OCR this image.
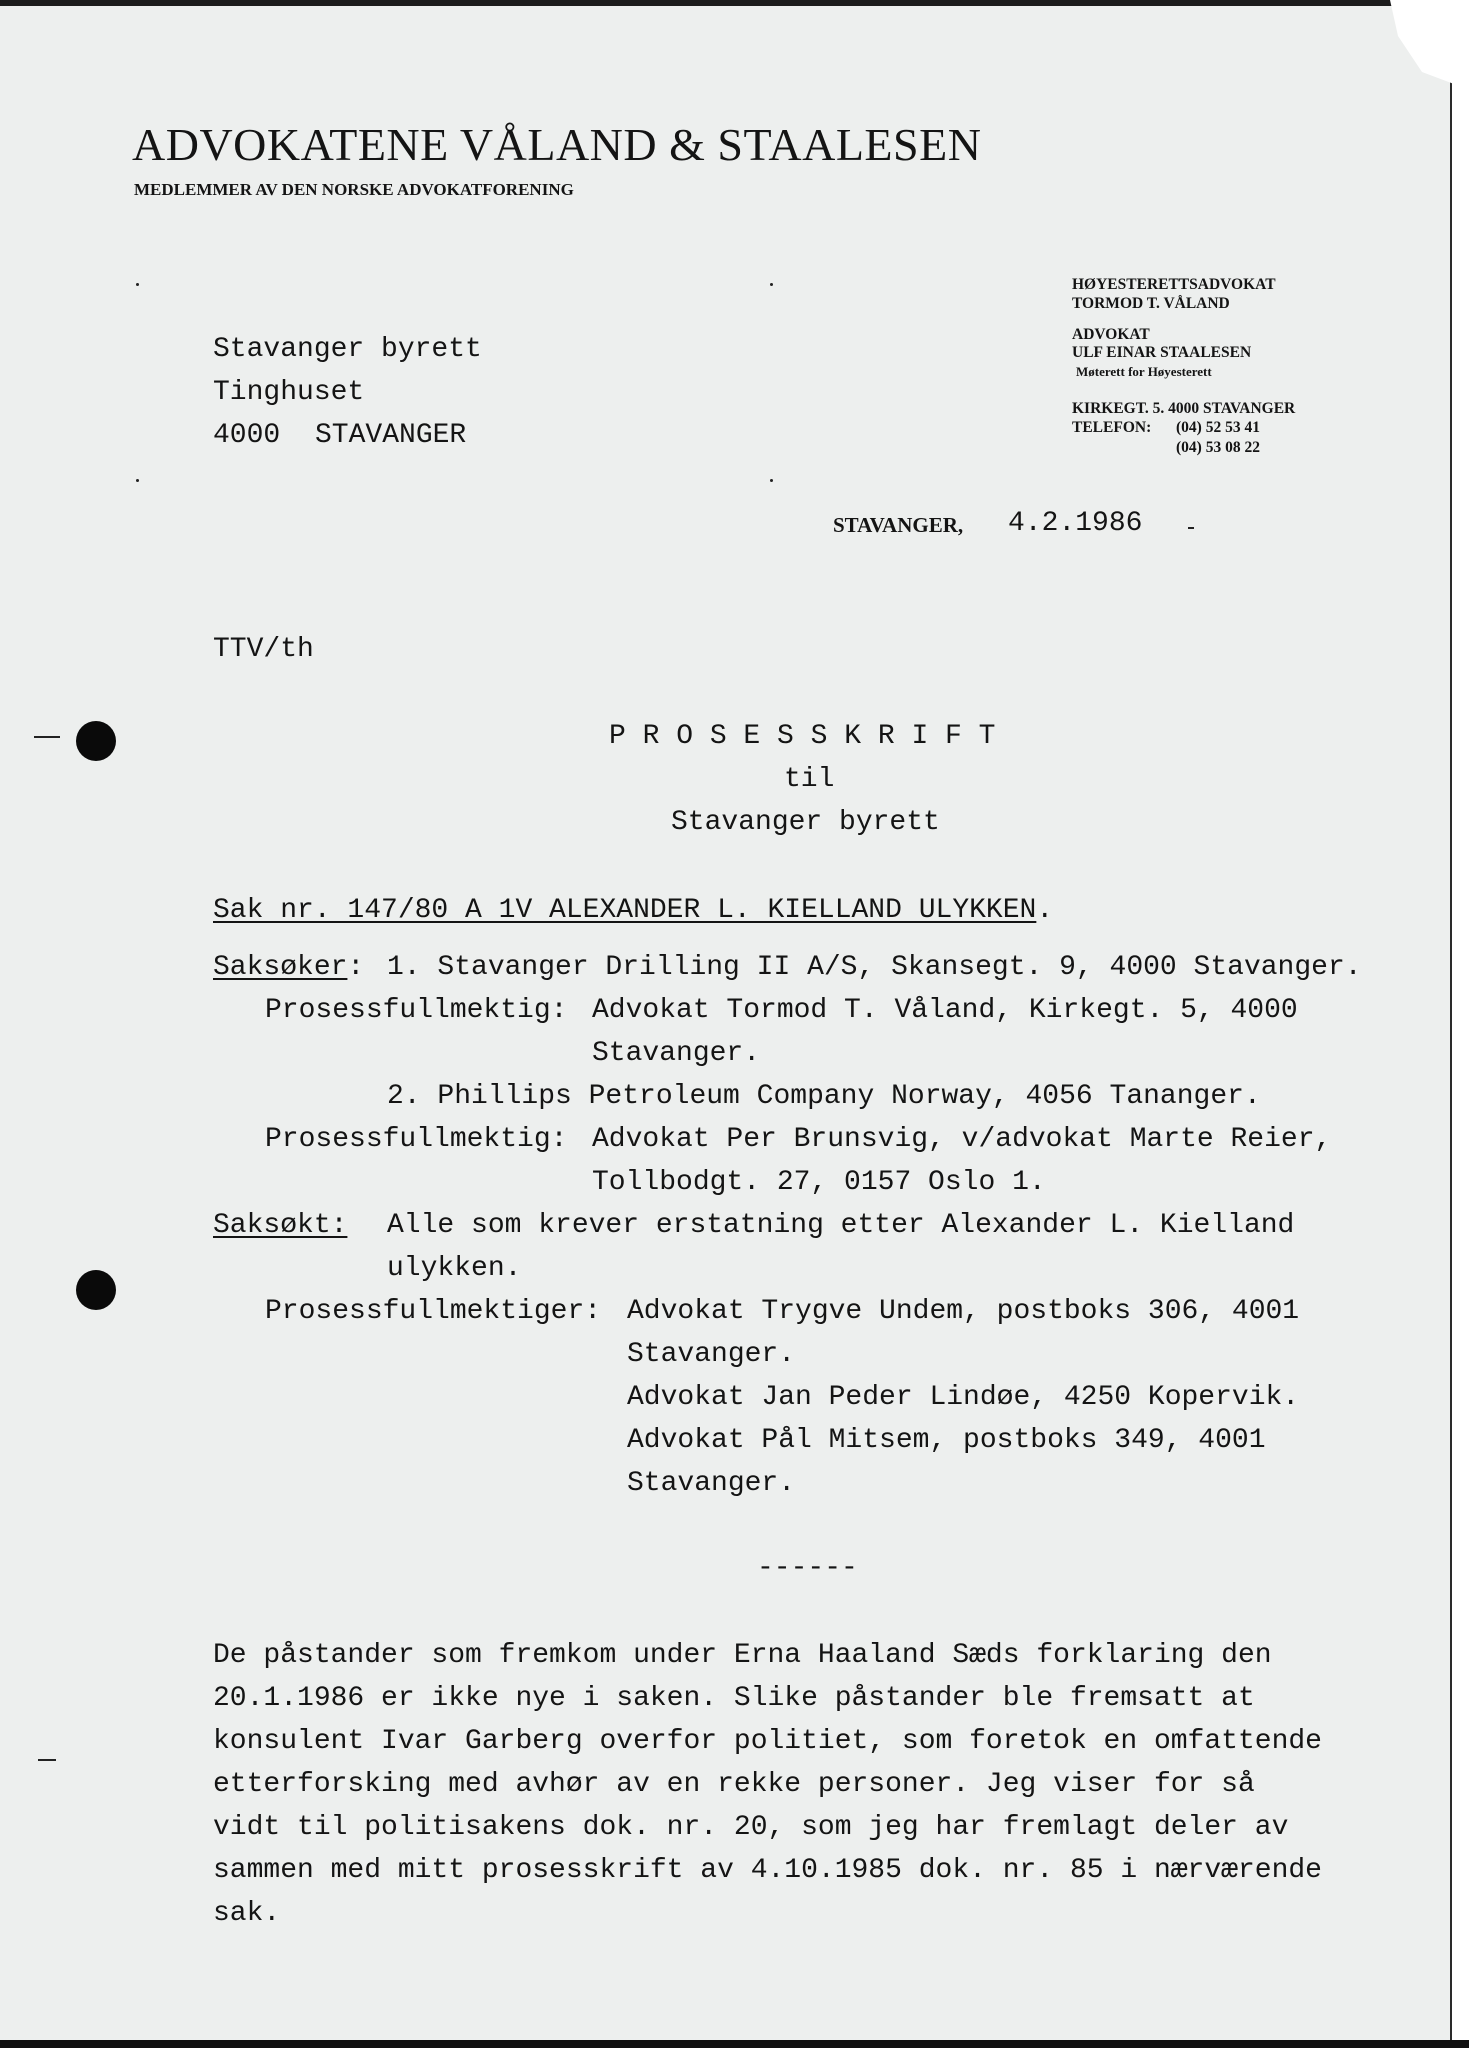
ADVOKATENE VÅLAND & STAALESEN
MEDLEMMER AV DEN NORSKE ADVOKATFORENING
HØYESTERETTSADVOKAT
TORMOD T. VÅLAND
ADVOKAT
ULF EINAR STAALESEN
Møterett for Høyesterett
KIRKEGT. 5. 4000 STAVANGER
TELEFON: (04) 52 53 41
(04) 53 08 22
Stavanger byrett
Tinghuset
4000 STAVANGER
STAVANGER, 4.2.1986
TTV/th
P R O S E S S K R I F T
til
Stavanger byrett
Sak nr. 147/80 A 1V ALEXANDER L. KIELLAND ULYKKEN.
Saksøker: 1. Stavanger Drilling II A/S, Skansegt. 9, 4000 Stavanger.
Prosessfullmektig: Advokat Tormod T. Våland, Kirkegt. 5, 4000
Stavanger.
2. Phillips Petroleum Company Norway, 4056 Tananger.
Prosessfullmektig: Advokat Per Brunsvig, v/advokat Marte Reier,
Tollbodgt. 27, 0157 Oslo 1.
Saksøkt: Alle som krever erstatning etter Alexander L. Kielland
ulykken.
Prosessfullmektiger: Advokat Trygve Undem, postboks 306, 4001
Stavanger.
Advokat Jan Peder Lindøe, 4250 Kopervik.
Advokat Pål Mitsem, postboks 349, 4001
Stavanger.
------
De påstander som fremkom under Erna Haaland Sæds forklaring den
20.1.1986 er ikke nye i saken. Slike påstander ble fremsatt at
konsulent Ivar Garberg overfor politiet, som foretok en omfattende
etterforsking med avhør av en rekke personer. Jeg viser for så
vidt til politisakens dok. nr. 20, som jeg har fremlagt deler av
sammen med mitt prosesskrift av 4.10.1985 dok. nr. 85 i nærværende
sak.
